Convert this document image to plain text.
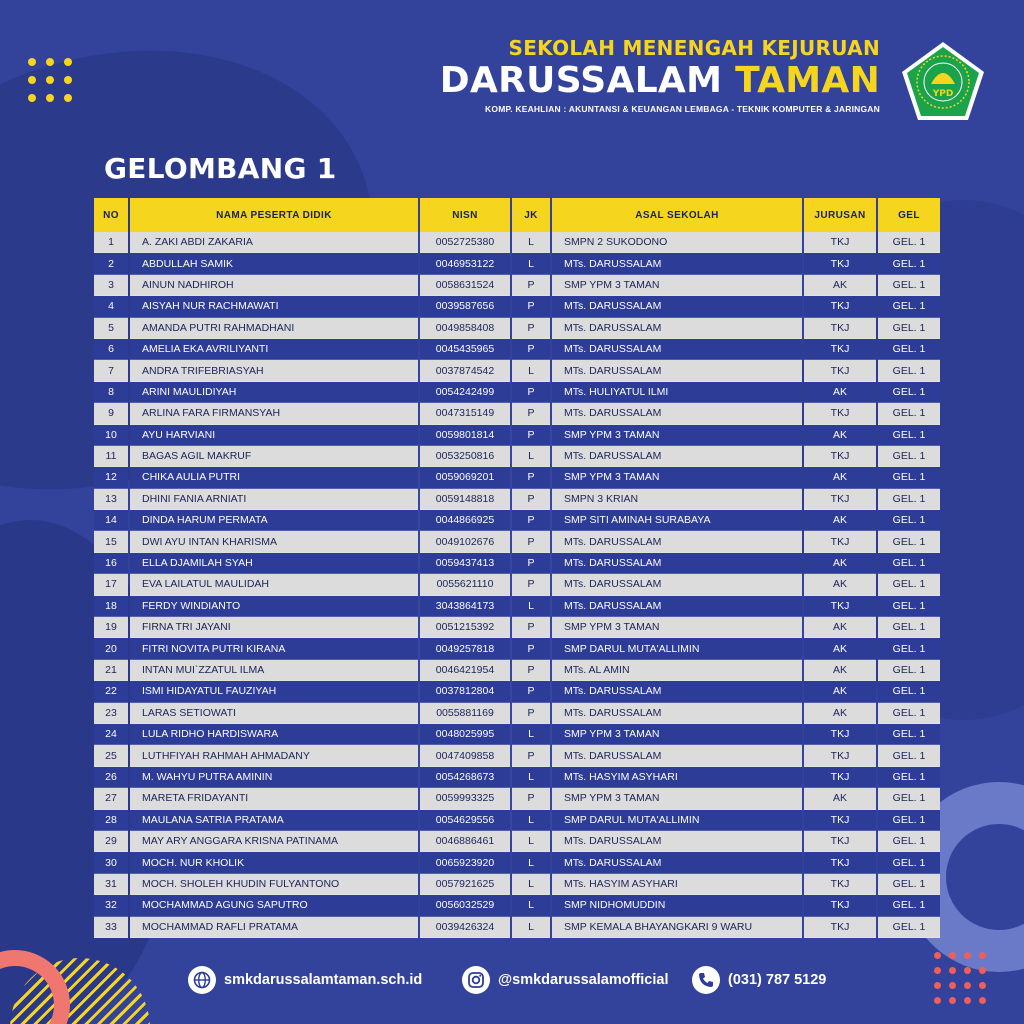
SEKOLAH MENENGAH KEJURUAN
DARUSSALAM TAMAN
KOMP. KEAHLIAN : AKUNTANSI & KEUANGAN LEMBAGA - TEKNIK KOMPUTER & JARINGAN
YPD
GELOMBANG 1
NO	NAMA PESERTA DIDIK	NISN	JK	ASAL SEKOLAH	JURUSAN	GEL
1	A. ZAKI ABDI ZAKARIA	0052725380	L	SMPN 2 SUKODONO	TKJ	GEL. 1
2	ABDULLAH SAMIK	0046953122	L	MTs. DARUSSALAM	TKJ	GEL. 1
3	AINUN NADHIROH	0058631524	P	SMP YPM 3 TAMAN	AK	GEL. 1
4	AISYAH NUR RACHMAWATI	0039587656	P	MTs. DARUSSALAM	TKJ	GEL. 1
5	AMANDA PUTRI RAHMADHANI	0049858408	P	MTs. DARUSSALAM	TKJ	GEL. 1
6	AMELIA EKA AVRILIYANTI	0045435965	P	MTs. DARUSSALAM	TKJ	GEL. 1
7	ANDRA TRIFEBRIASYAH	0037874542	L	MTs. DARUSSALAM	TKJ	GEL. 1
8	ARINI MAULIDIYAH	0054242499	P	MTs. HULIYATUL ILMI	AK	GEL. 1
9	ARLINA FARA FIRMANSYAH	0047315149	P	MTs. DARUSSALAM	TKJ	GEL. 1
10	AYU HARVIANI	0059801814	P	SMP YPM 3 TAMAN	AK	GEL. 1
11	BAGAS AGIL MAKRUF	0053250816	L	MTs. DARUSSALAM	TKJ	GEL. 1
12	CHIKA AULIA PUTRI	0059069201	P	SMP YPM 3 TAMAN	AK	GEL. 1
13	DHINI FANIA ARNIATI	0059148818	P	SMPN 3 KRIAN	TKJ	GEL. 1
14	DINDA HARUM PERMATA	0044866925	P	SMP SITI AMINAH SURABAYA	AK	GEL. 1
15	DWI AYU INTAN KHARISMA	0049102676	P	MTs. DARUSSALAM	TKJ	GEL. 1
16	ELLA DJAMILAH SYAH	0059437413	P	MTs. DARUSSALAM	AK	GEL. 1
17	EVA LAILATUL MAULIDAH	0055621110	P	MTs. DARUSSALAM	AK	GEL. 1
18	FERDY WINDIANTO	3043864173	L	MTs. DARUSSALAM	TKJ	GEL. 1
19	FIRNA TRI JAYANI	0051215392	P	SMP YPM 3 TAMAN	AK	GEL. 1
20	FITRI NOVITA PUTRI KIRANA	0049257818	P	SMP DARUL MUTA'ALLIMIN	AK	GEL. 1
21	INTAN MUI`ZZATUL ILMA	0046421954	P	MTs. AL AMIN	AK	GEL. 1
22	ISMI HIDAYATUL FAUZIYAH	0037812804	P	MTs. DARUSSALAM	AK	GEL. 1
23	LARAS SETIOWATI	0055881169	P	MTs. DARUSSALAM	AK	GEL. 1
24	LULA RIDHO HARDISWARA	0048025995	L	SMP YPM 3 TAMAN	TKJ	GEL. 1
25	LUTHFIYAH RAHMAH AHMADANY	0047409858	P	MTs. DARUSSALAM	TKJ	GEL. 1
26	M. WAHYU PUTRA AMININ	0054268673	L	MTs. HASYIM ASYHARI	TKJ	GEL. 1
27	MARETA FRIDAYANTI	0059993325	P	SMP YPM 3 TAMAN	AK	GEL. 1
28	MAULANA SATRIA PRATAMA	0054629556	L	SMP DARUL MUTA'ALLIMIN	TKJ	GEL. 1
29	MAY ARY ANGGARA KRISNA PATINAMA	0046886461	L	MTs. DARUSSALAM	TKJ	GEL. 1
30	MOCH. NUR KHOLIK	0065923920	L	MTs. DARUSSALAM	TKJ	GEL. 1
31	MOCH. SHOLEH KHUDIN FULYANTONO	0057921625	L	MTs. HASYIM ASYHARI	TKJ	GEL. 1
32	MOCHAMMAD AGUNG SAPUTRO	0056032529	L	SMP NIDHOMUDDIN	TKJ	GEL. 1
33	MOCHAMMAD RAFLI PRATAMA	0039426324	L	SMP KEMALA BHAYANGKARI 9 WARU	TKJ	GEL. 1
smkdarussalamtaman.sch.id	@smkdarussalamofficial	(031) 787 5129
